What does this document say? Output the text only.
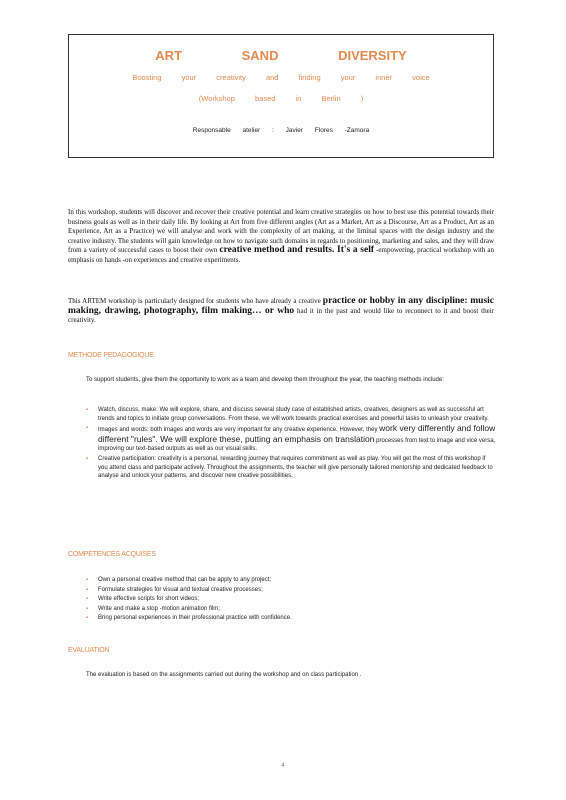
ART SAND DIVERSITY
Boosting your creativity and finding your inner voice
(Workshop based in Berlin )
Responsable atelier : Javier Flores -Zamora

In this workshop, students will discover and recover their creative potential and learn creative strategies on how to best use this potential towards their business goals as well as in their daily life. By looking at Art from five different angles (Art as a Market, Art as a Discourse, Art as a Product, Art as an Experience, Art as a Practice) we will analyse and work with the complexity of art making, at the liminal spaces with the design industry and the creative industry. The students will gain knowledge on how to navigate such domains in regards to positioning, marketing and sales, and they will draw from a variety of successful cases to boost their own creative method and results. It's a self -empowering, practical workshop with an emphasis on hands -on experiences and creative experiments.

This ARTEM workshop is particularly designed for students who have already a creative practice or hobby in any discipline: music making, drawing, photography, film making… or who had it in the past and would like to reconnect to it and boost their creativity.

METHODE PEDAGOGIQUE
To support students, give them the opportunity to work as a team and develop them throughout the year, the teaching methods include:
▪ Watch, discuss, make: We will explore, share, and discuss several study case of established artists, creatives, designers as well as successful art trends and topics to initiate group conversations. From these, we will work towards practical exercises and powerful tasks to unleash your creativity.
▪ Images and words: both images and words are very important for any creative experience. However, they work very differently and follow different "rules". We will explore these, putting an emphasis on translation processes from text to image and vice versa, improving our text-based outputs as well as our visual skills.
▪ Creative participation: creativity is a personal, rewarding journey that requires commitment as well as play. You will get the most of this workshop if you attend class and participate actively. Throughout the assignments, the teacher will give personally tailored mentorship and dedicated feedback to analyse and unlock your patterns, and discover new creative possibilities.
COMPETENCES ACQUISES
▪ Own a personal creative method that can be apply to any project;
▪ Formulate strategies for visual and textual creative processes;
▪ Write effective scripts for short videos;
▪ Write and make a stop -motion animation film;
▪ Bring personal experiences in their professional practice with confidence.
EVALUATION
The evaluation is based on the assignments carried out during the workshop and on class participation .
4
